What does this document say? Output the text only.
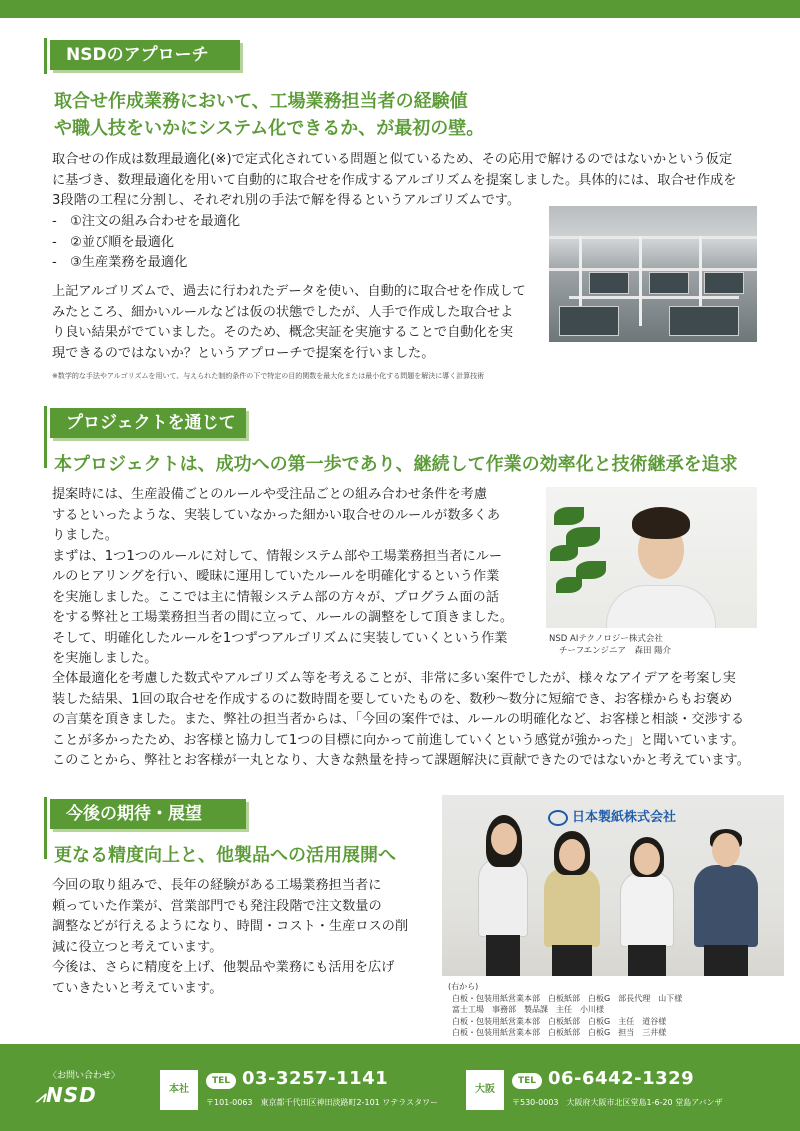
NSDのアプローチ
取合せ作成業務において、工場業務担当者の経験値
や職人技をいかにシステム化できるか、が最初の壁。

取合せの作成は数理最適化(※)で定式化されている問題と似ているため、その応用で解けるのではないかという仮定

に基づき、数理最適化を用いて自動的に取合せを作成するアルゴリズムを提案しました。具体的には、取合せ作成を

3段階の工程に分割し、それぞれ別の手法で解を得るというアルゴリズムです。

-　①注文の組み合わせを最適化

-　②並び順を最適化

-　③生産業務を最適化

上記アルゴリズムで、過去に行われたデータを使い、自動的に取合せを作成して

みたところ、細かいルールなどは仮の状態でしたが、人手で作成した取合せよ

り良い結果がでていました。そのため、概念実証を実施することで自動化を実

現できるのではないか？というアプローチで提案を行いました。

※数学的な手法やアルゴリズムを用いて、与えられた制約条件の下で特定の目的関数を最大化または最小化する問題を解決に導く計算技術
プロジェクトを通じて
本プロジェクトは、成功への第一歩であり、継続して作業の効率化と技術継承を追求

提案時には、生産設備ごとのルールや受注品ごとの組み合わせ条件を考慮

するといったような、実装していなかった細かい取合せのルールが数多くあ

りました。

まずは、1つ1つのルールに対して、情報システム部や工場業務担当者にルー

ルのヒアリングを行い、曖昧に運用していたルールを明確化するという作業

を実施しました。ここでは主に情報システム部の方々が、プログラム面の話

をする弊社と工場業務担当者の間に立って、ルールの調整をして頂きました。

そして、明確化したルールを1つずつアルゴリズムに実装していくという作業

を実施しました。

NSD AIテクノロジー株式会社
チーフエンジニア　森田 陽介

全体最適化を考慮した数式やアルゴリズム等を考えることが、非常に多い案件でしたが、様々なアイデアを考案し実

装した結果、1回の取合せを作成するのに数時間を要していたものを、数秒～数分に短縮でき、お客様からもお褒め

の言葉を頂きました。また、弊社の担当者からは、「今回の案件では、ルールの明確化など、お客様と相談・交渉する

ことが多かったため、お客様と協力して1つの目標に向かって前進していくという感覚が強かった」と聞いています。

このことから、弊社とお客様が一丸となり、大きな熱量を持って課題解決に貢献できたのではないかと考えています。

今後の期待・展望
更なる精度向上と、他製品への活用展開へ

今回の取り組みで、長年の経験がある工場業務担当者に

頼っていた作業が、営業部門でも発注段階で注文数量の

調整などが行えるようになり、時間・コスト・生産ロスの削

減に役立つと考えています。

今後は、さらに精度を上げ、他製品や業務にも活用を広げ

ていきたいと考えています。

日本製紙株式会社
(右から)
白板・包装用紙営業本部　白板紙部　白板G　部長代理　山下様
富士工場　事務部　製品課　主任　小川様
白板・包装用紙営業本部　白板紙部　白板G　主任　道谷様
白板・包装用紙営業本部　白板紙部　白板G　担当　三井様
〈お問い合わせ〉
⩘NSD	本社
TEL 03-3257-1141
〒101-0063　東京都千代田区神田淡路町2-101 ワテラスタワー
大阪
TEL 06-6442-1329
〒530-0003　大阪府大阪市北区堂島1-6-20 堂島アバンザ
